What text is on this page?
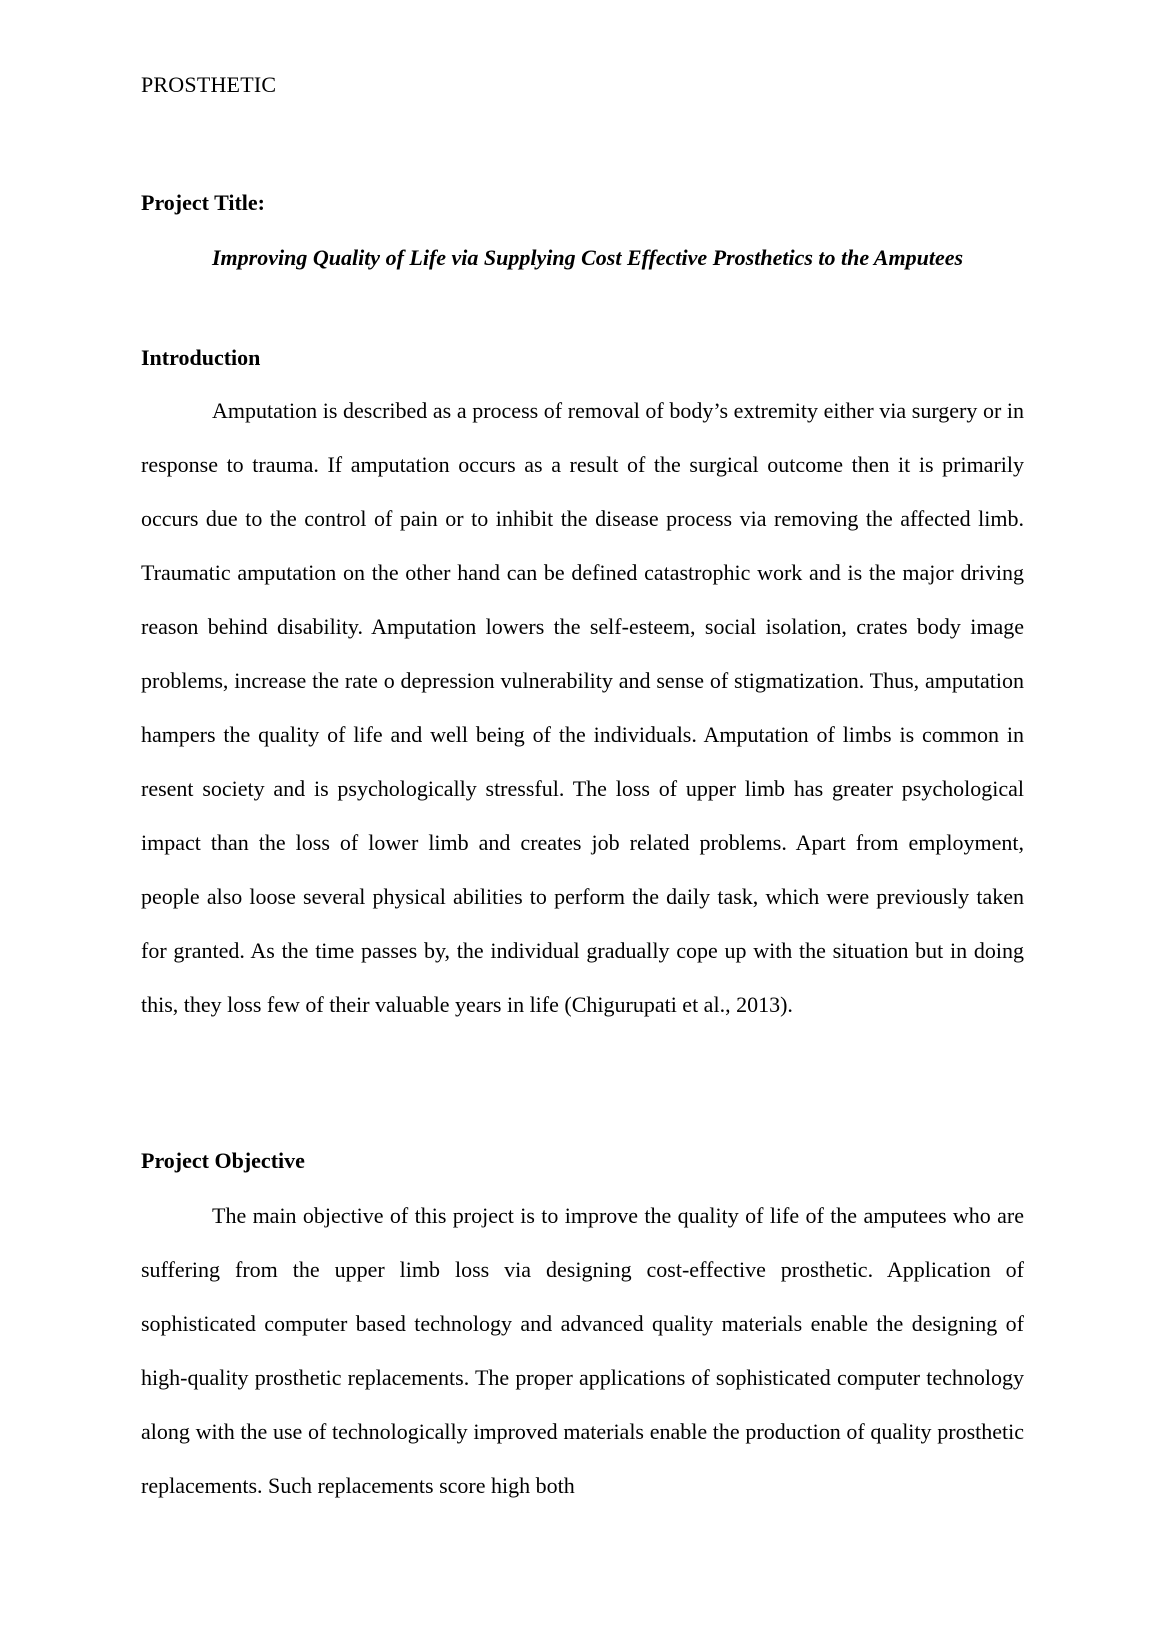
PROSTHETIC
Project Title:
Improving Quality of Life via Supplying Cost Effective Prosthetics to the Amputees
Introduction

Amputation is described as a process of removal of body’s extremity either via surgery or in response to trauma. If amputation occurs as a result of the surgical outcome then it is primarily occurs due to the control of pain or to inhibit the disease process via removing the affected limb. Traumatic amputation on the other hand can be defined catastrophic work and is the major driving reason behind disability. Amputation lowers the self-esteem, social isolation, crates body image problems, increase the rate o depression vulnerability and sense of stigmatization. Thus, amputation hampers the quality of life and well being of the individuals. Amputation of limbs is common in resent society and is psychologically stressful. The loss of upper limb has greater psychological impact than the loss of lower limb and creates job related problems. Apart from employment, people also loose several physical abilities to perform the daily task, which were previously taken for granted. As the time passes by, the individual gradually cope up with the situation but in doing this, they loss few of their valuable years in life (Chigurupati et al., 2013).

Project Objective

The main objective of this project is to improve the quality of life of the amputees who are suffering from the upper limb loss via designing cost-effective prosthetic. Application of sophisticated computer based technology and advanced quality materials enable the designing of high-quality prosthetic replacements. The proper applications of sophisticated computer technology along with the use of technologically improved materials enable the production of quality prosthetic replacements. Such replacements score high both
